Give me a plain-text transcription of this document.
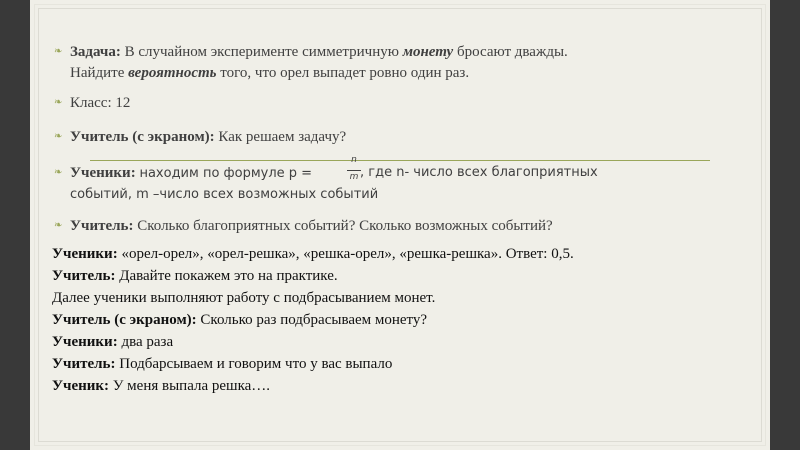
❧ Задача: В случайном эксперименте симметричную монету бросают дважды.
Найдите вероятность того, что орел выпадет ровно один раз.
❧ Класс: 12
❧ Учитель (с экраном): Как решаем задачу?
❧ Ученики: находим по формуле p =
n
m , где n- число всех благоприятных
событий, m –число всех возможных событий
❧ Учитель: Сколько благоприятных событий? Сколько возможных событий?
Ученики: «орел-орел», «орел-решка», «решка-орел», «решка-решка». Ответ: 0,5.
Учитель: Давайте покажем это на практике.
Далее ученики выполняют работу с подбрасыванием монет.
Учитель (с экраном): Сколько раз подбрасываем монету?
Ученики: два раза
Учитель: Подбарсываем и говорим что у вас выпало
Ученик: У меня выпала решка….
